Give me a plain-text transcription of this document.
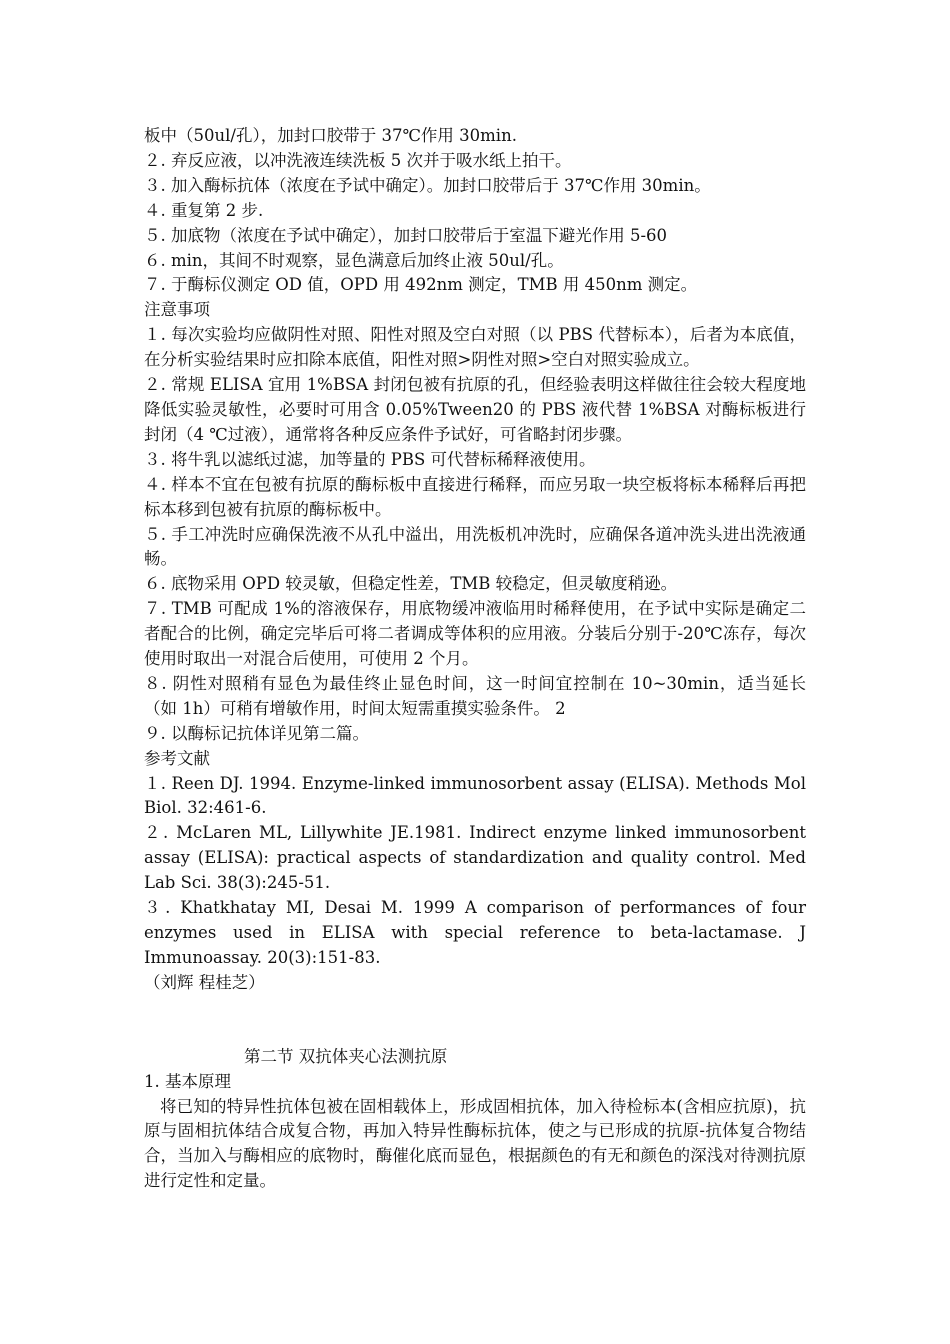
板中（50ul/孔），加封口胶带于 37℃作用 30min.
２. 弃反应液，以冲洗液连续洗板 5 次并于吸水纸上拍干。
３. 加入酶标抗体（浓度在予试中确定）。加封口胶带后于 37℃作用 30min。
４. 重复第 2 步.
５. 加底物（浓度在予试中确定），加封口胶带后于室温下避光作用 5-60
６. min，其间不时观察，显色满意后加终止液 50ul/孔。
７. 于酶标仪测定 OD 值，OPD 用 492nm 测定，TMB 用 450nm 测定。
注意事项
１. 每次实验均应做阴性对照、阳性对照及空白对照（以 PBS 代替标本），后者为本底值，在分析实验结果时应扣除本底值，阳性对照>阴性对照>空白对照实验成立。
２. 常规 ELISA 宜用 1%BSA 封闭包被有抗原的孔，但经验表明这样做往往会较大程度地降低实验灵敏性，必要时可用含 0.05%Tween20 的 PBS 液代替 1%BSA 对酶标板进行封闭（4 ℃过液），通常将各种反应条件予试好，可省略封闭步骤。
３. 将牛乳以滤纸过滤，加等量的 PBS 可代替标稀释液使用。
４. 样本不宜在包被有抗原的酶标板中直接进行稀释，而应另取一块空板将标本稀释后再把标本移到包被有抗原的酶标板中。
５. 手工冲洗时应确保洗液不从孔中溢出，用洗板机冲洗时，应确保各道冲洗头进出洗液通畅。
６. 底物采用 OPD 较灵敏，但稳定性差，TMB 较稳定，但灵敏度稍逊。
７. TMB 可配成 1%的溶液保存，用底物缓冲液临用时稀释使用，在予试中实际是确定二者配合的比例，确定完毕后可将二者调成等体积的应用液。分装后分别于-20℃冻存，每次使用时取出一对混合后使用，可使用 2 个月。
８. 阴性对照稍有显色为最佳终止显色时间，这一时间宜控制在 10~30min，适当延长（如 1h）可稍有增敏作用，时间太短需重摸实验条件。 2
９. 以酶标记抗体详见第二篇。
参考文献
１. Reen DJ. 1994. Enzyme-linked immunosorbent assay (ELISA). Methods Mol Biol. 32:461-6.
２. McLaren ML, Lillywhite JE.1981. Indirect enzyme linked immunosorbent assay (ELISA): practical aspects of standardization and quality control. Med Lab Sci. 38(3):245-51.
３. Khatkhatay MI, Desai M. 1999 A comparison of performances of four enzymes used in ELISA with special reference to beta-lactamase. J Immunoassay. 20(3):151-83.
（刘辉 程桂芝）
第二节 双抗体夹心法测抗原
1. 基本原理
将已知的特异性抗体包被在固相载体上，形成固相抗体，加入待检标本(含相应抗原)，抗原与固相抗体结合成复合物，再加入特异性酶标抗体，使之与已形成的抗原-抗体复合物结合，当加入与酶相应的底物时，酶催化底而显色，根据颜色的有无和颜色的深浅对待测抗原进行定性和定量。
